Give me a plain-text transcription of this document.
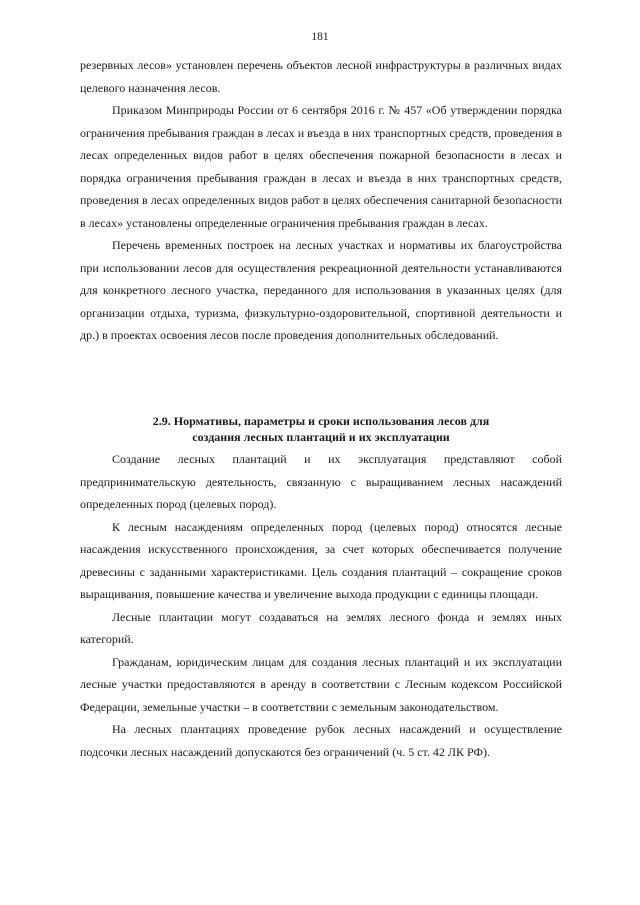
181

резервных лесов» установлен перечень объектов лесной инфраструктуры в различных видах целевого назначения лесов.

Приказом Минприроды России от 6 сентября 2016 г. № 457 «Об утверждении порядка ограничения пребывания граждан в лесах и въезда в них транспортных средств, проведения в лесах определенных видов работ в целях обеспечения пожарной безопасности в лесах и порядка ограничения пребывания граждан в лесах и въезда в них транспортных средств, проведения в лесах определенных видов работ в целях обеспечения санитарной безопасности в лесах» установлены определенные ограничения пребывания граждан в лесах.

Перечень временных построек на лесных участках и нормативы их благоустройства при использовании лесов для осуществления рекреационной деятельности устанавливаются для конкретного лесного участка, переданного для использования в указанных целях (для организации отдыха, туризма, физкультурно-оздоровительной, спортивной деятельности и др.) в проектах освоения лесов после проведения дополнительных обследований.

2.9. Нормативы, параметры и сроки использования лесов для
создания лесных плантаций и их эксплуатации

Создание лесных плантаций и их эксплуатация представляют собой предпринимательскую деятельность, связанную с выращиванием лесных насаждений определенных пород (целевых пород).

К лесным насаждениям определенных пород (целевых пород) относятся лесные насаждения искусственного происхождения, за счет которых обеспечивается получение древесины с заданными характеристиками. Цель создания плантаций – сокращение сроков выращивания, повышение качества и увеличение выхода продукции с единицы площади.

Лесные плантации могут создаваться на землях лесного фонда и землях иных категорий.

Гражданам, юридическим лицам для создания лесных плантаций и их эксплуатации лесные участки предоставляются в аренду в соответствии с Лесным кодексом Российской Федерации, земельные участки – в соответствии с земельным законодательством.

На лесных плантациях проведение рубок лесных насаждений и осуществление подсочки лесных насаждений допускаются без ограничений (ч. 5 ст. 42 ЛК РФ).
